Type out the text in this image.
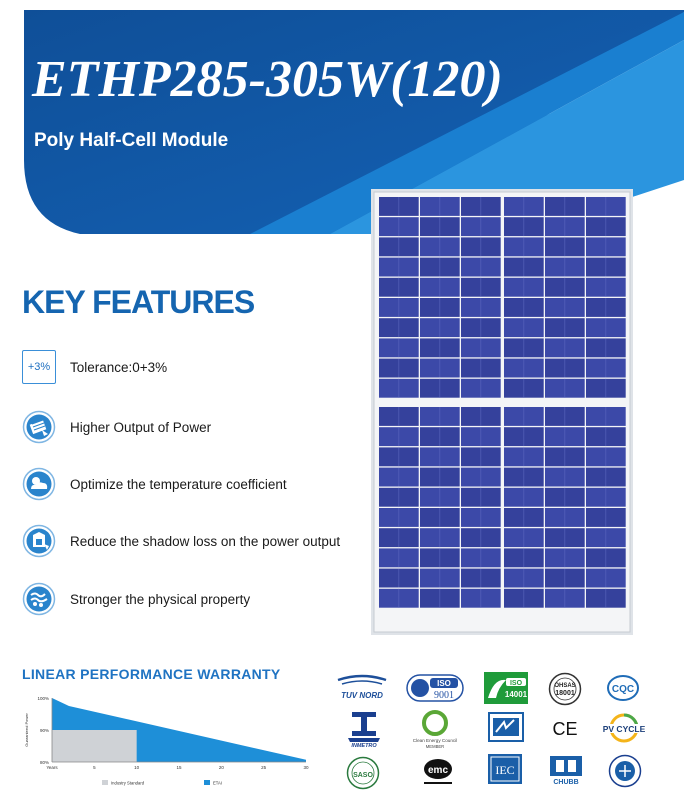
ETHP285-305W(120)
Poly Half-Cell Module
KEY FEATURES
+3%	Tolerance:0+3%
Higher Output of Power
Optimize the temperature coefficient
Reduce the shadow loss on the power output
Stronger the physical property
LINEAR PERFORMANCE WARRANTY
100%
90%
80%
Years	5	10	15	20	25	30
Guaranteed Power
Industry Standard	ETAI
TUV NORD
ISO
9001
ISO
14001
OHSAS
18001	CQC
INMETRO
Clean Energy Council
MEMBER
CE	PV CYCLE
SASO	emc	IEC
CHUBB
